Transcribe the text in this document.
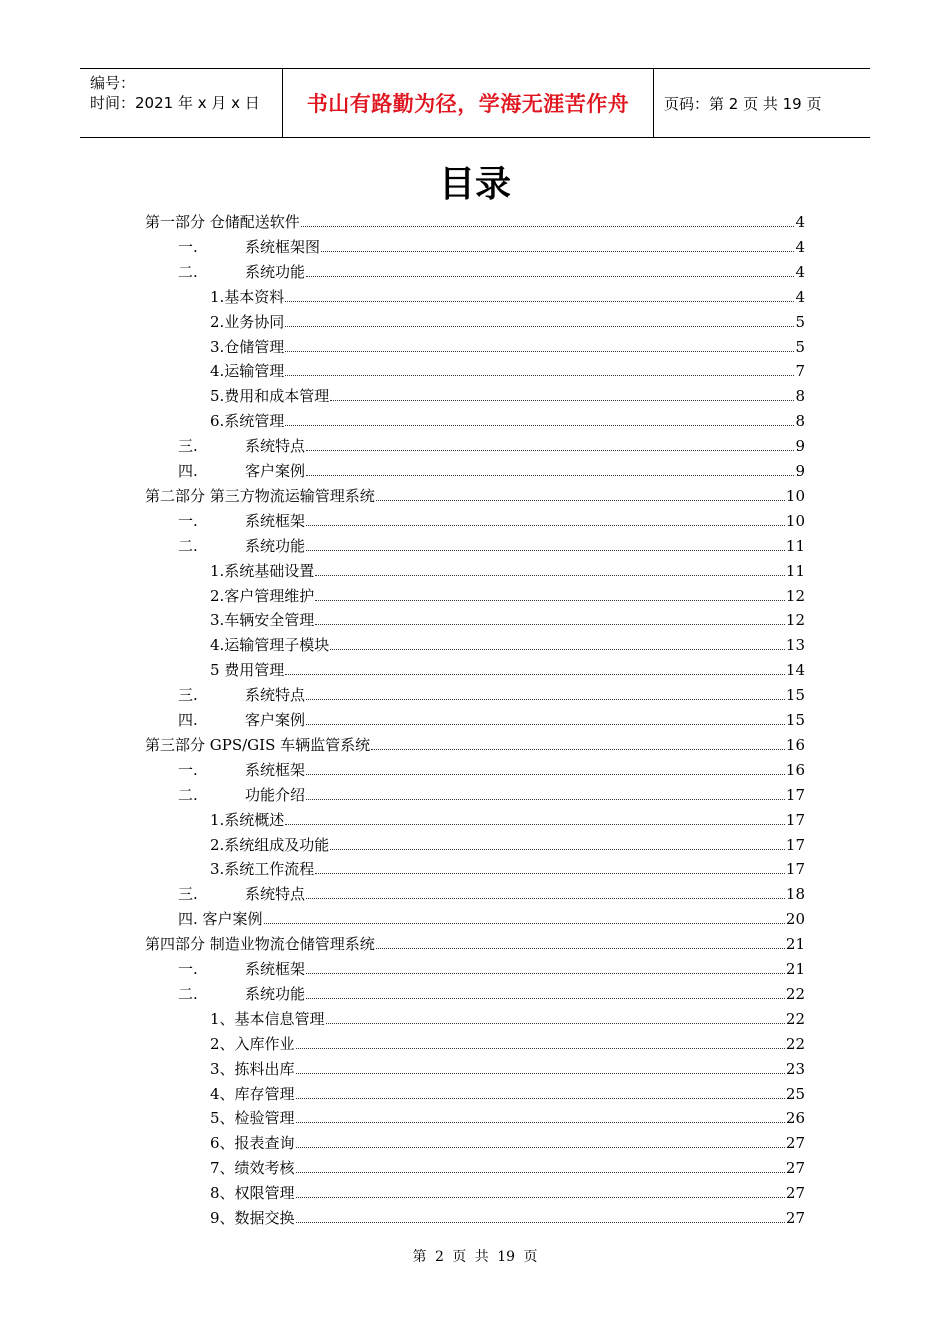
编号：
时间：2021 年 x 月 x 日	书山有路勤为径，学海无涯苦作舟 页码：第 2 页 共 19 页
目录
第一部分 仓储配送软件	4
一.	系统框架图	4
二.	系统功能	4
1.基本资料	4
2.业务协同	5
3.仓储管理	5
4.运输管理	7
5.费用和成本管理	8
6.系统管理	8
三.	系统特点	9
四.	客户案例	9
第二部分 第三方物流运输管理系统	10
一.	系统框架	10
二.	系统功能	11
1.系统基础设置	11
2.客户管理维护	12
3.车辆安全管理	12
4.运输管理子模块	13
5 费用管理	14
三.	系统特点	15
四.	客户案例	15
第三部分 GPS/GIS 车辆监管系统	16
一.	系统框架	16
二.	功能介绍	17
1.系统概述	17
2.系统组成及功能	17
3.系统工作流程	17
三.	系统特点	18
四. 客户案例	20
第四部分 制造业物流仓储管理系统	21
一.	系统框架	21
二.	系统功能	22
1、基本信息管理	22
2、入库作业	22
3、拣料出库	23
4、库存管理	25
5、检验管理	26
6、报表查询	27
7、绩效考核	27
8、权限管理	27
9、数据交换	27
第 2 页 共 19 页
